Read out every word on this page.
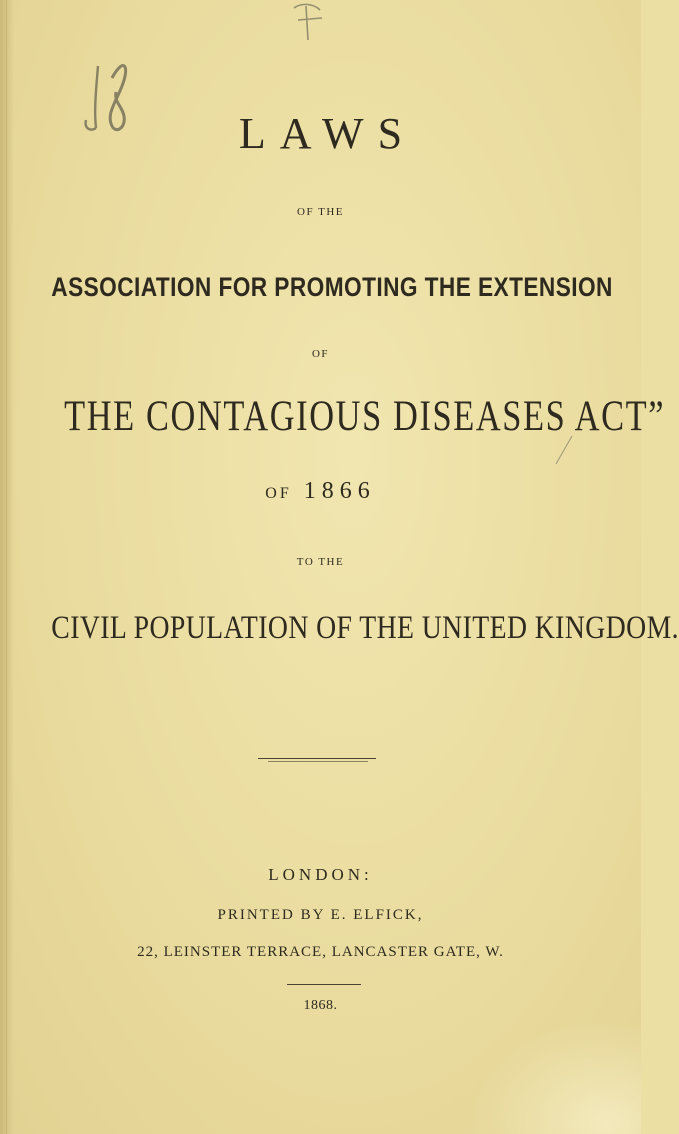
LAWS
OF THE
ASSOCIATION FOR PROMOTING THE EXTENSION
OF
THE CONTAGIOUS DISEASES ACT”
OF 1866
TO THE
CIVIL POPULATION OF THE UNITED KINGDOM.
LONDON:
PRINTED BY E. ELFICK,
22, LEINSTER TERRACE, LANCASTER GATE, W.
1868.
